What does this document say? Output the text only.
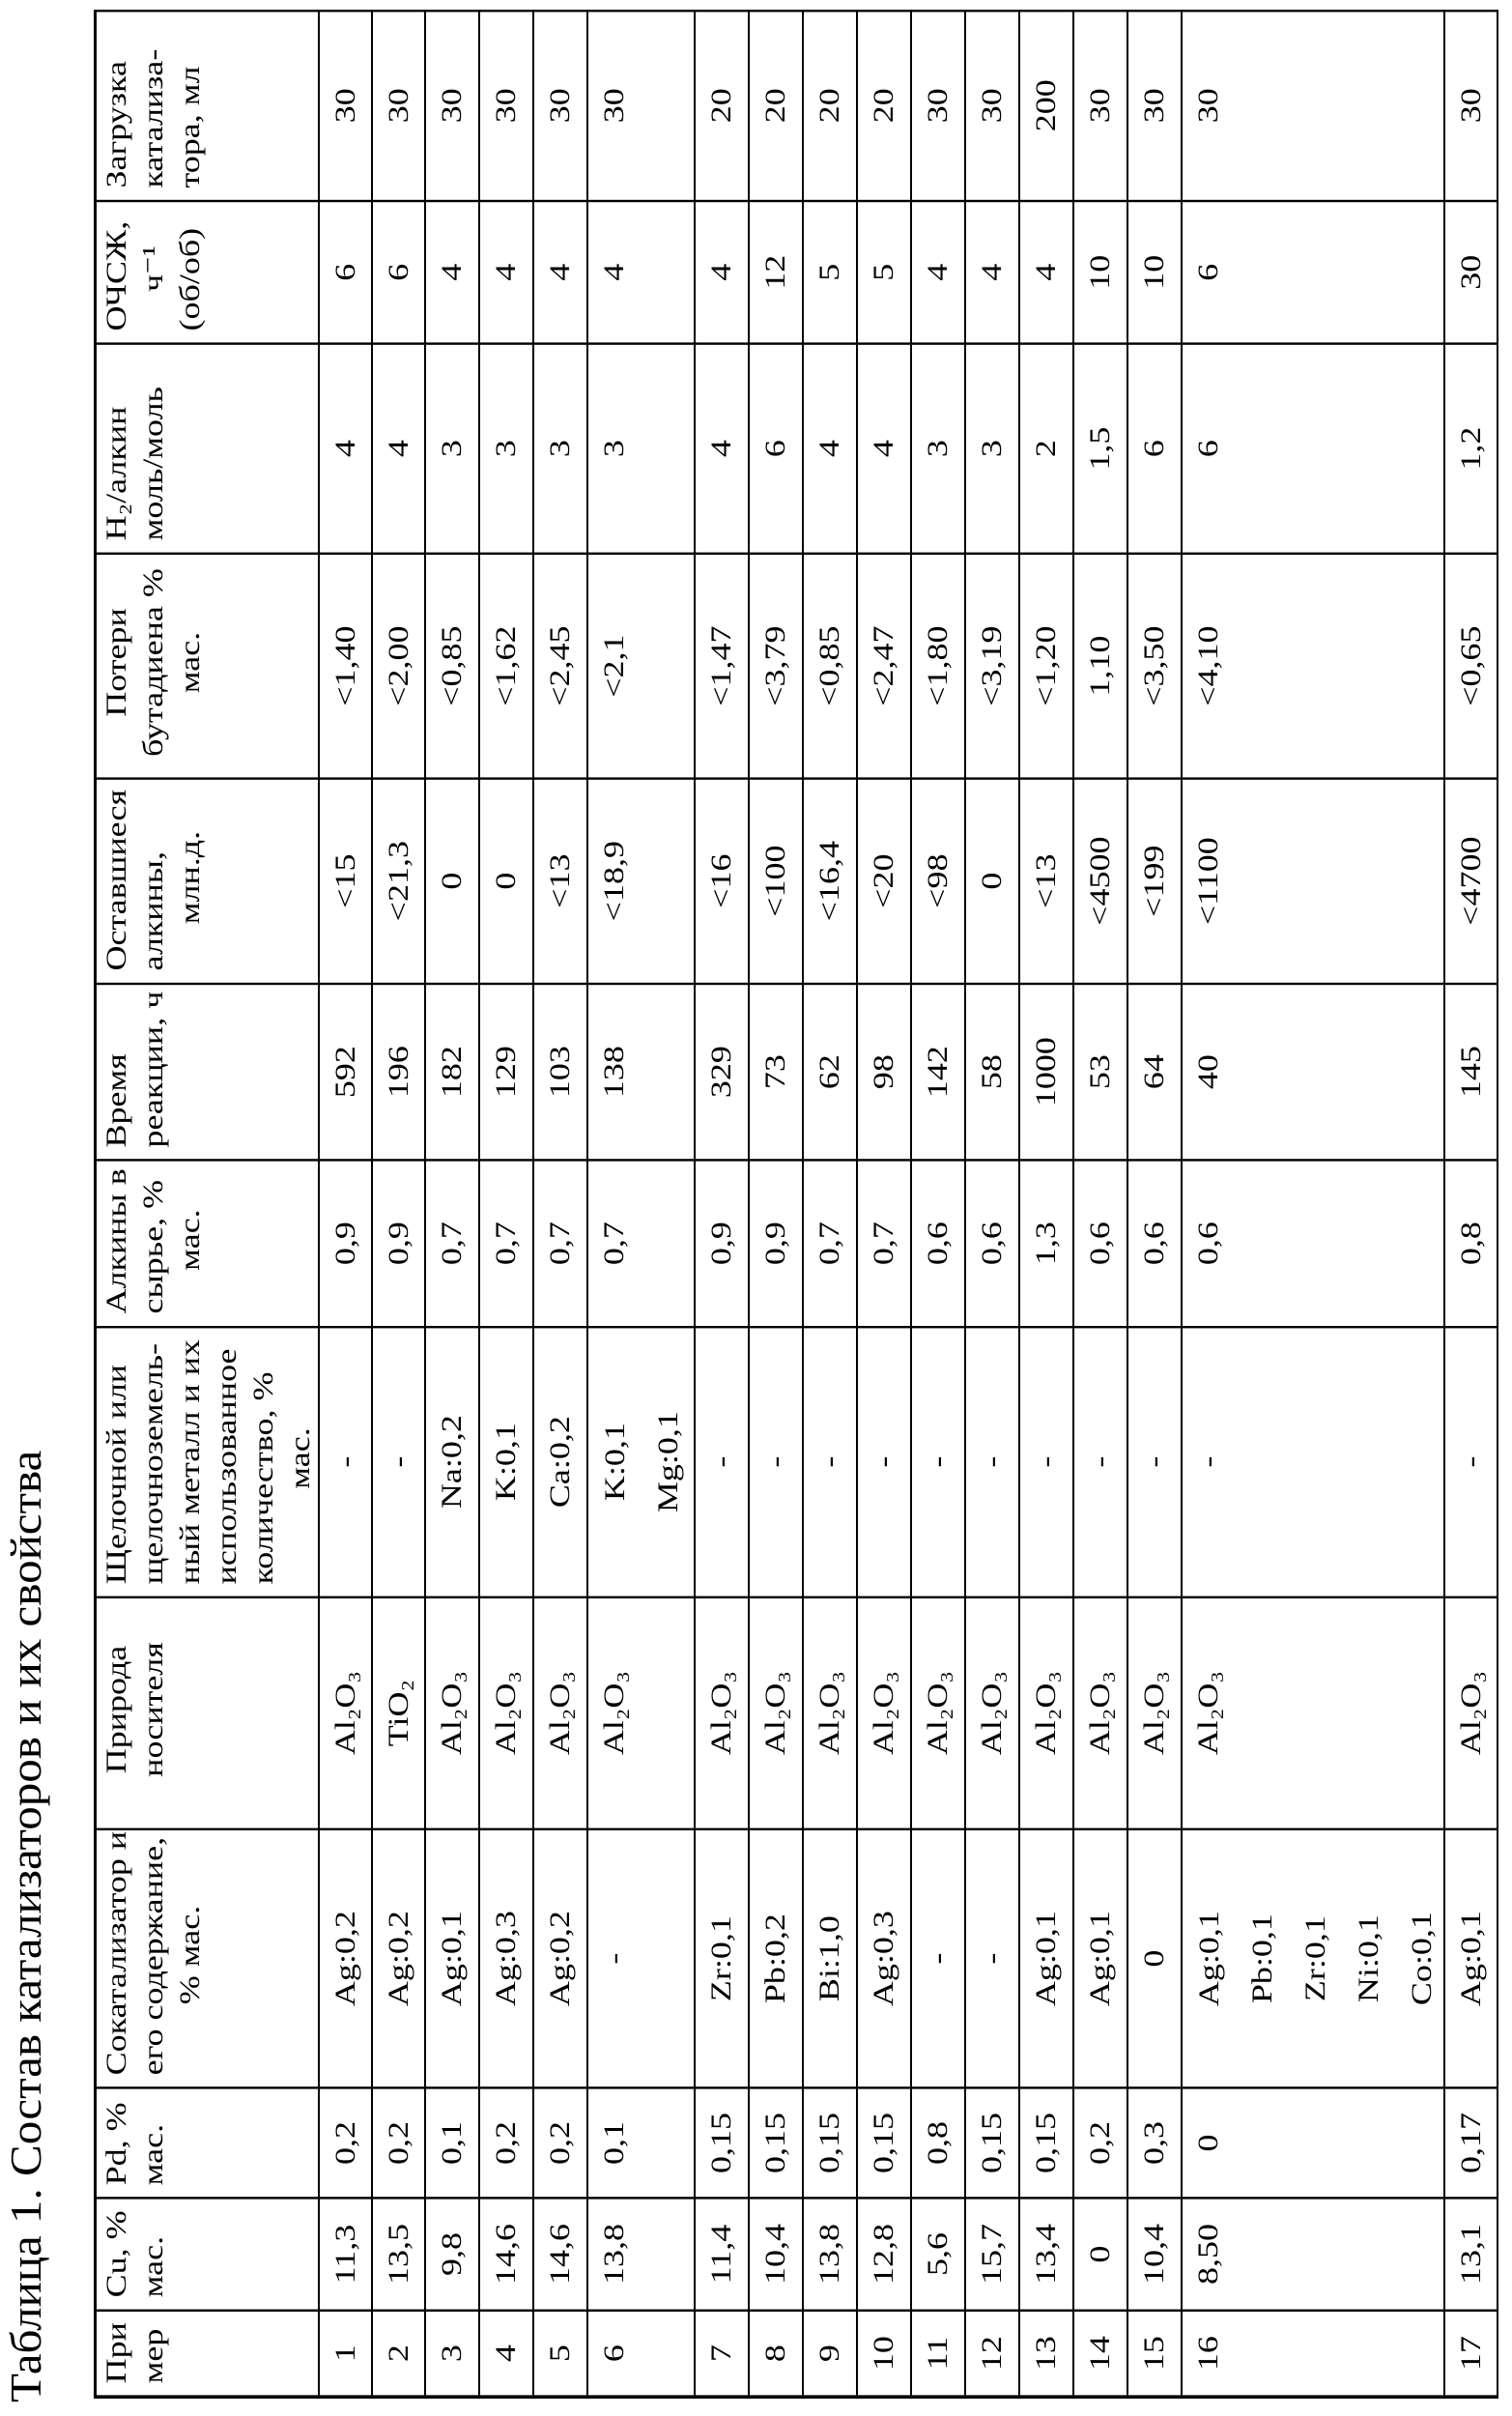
Таблица 1. Состав катализаторов и их свойства При мер
Cu, % мас.
Pd, % мас.
Сокатализатор и его содержание, % мас.
Природа носителя
Щелочной или щелочноземель- ный металл и их использованное количество, % мас.
Алкины в сырье, % мас.
Время реакции, ч
Оставшиеся алкины, млн.д.
Потери бутадиена % мас.
H₂/алкин моль/моль
ОЧСЖ, ч⁻¹ (об/об)
Загрузка катализа- тора, мл
1
11,3
0,2
Ag:0,2
Al₂O₃
-
0,9
592
<15
<1,40
4
6
30
2
13,5
0,2
Ag:0,2
TiO₂
-
0,9
196
<21,3
<2,00
4
6
30
3
9,8
0,1
Ag:0,1
Al₂O₃
Na:0,2
0,7
182
0
<0,85
3
4
30
4
14,6
0,2
Ag:0,3
Al₂O₃
K:0,1
0,7
129
0
<1,62
3
4
30
5
14,6
0,2
Ag:0,2
Al₂O₃
Ca:0,2
0,7
103
<13
<2,45
3
4
30
6
13,8
0,1
-
Al₂O₃
K:0,1 Mg:0,1
0,7
138
<18,9
<2,1
3
4
30
7
11,4
0,15
Zr:0,1
Al₂O₃
-
0,9
329
<16
<1,47
4
4
20
8
10,4
0,15
Pb:0,2
Al₂O₃
-
0,9
73
<100
<3,79
6
12
20
9
13,8
0,15
Bi:1,0
Al₂O₃
-
0,7
62
<16,4
<0,85
4
5
20
10
12,8
0,15
Ag:0,3
Al₂O₃
-
0,7
98
<20
<2,47
4
5
20
11
5,6
0,8
-
Al₂O₃
-
0,6
142
<98
<1,80
3
4
30
12
15,7
0,15
-
Al₂O₃
-
0,6
58
0
<3,19
3
4
30
13
13,4
0,15
Ag:0,1
Al₂O₃
-
1,3
1000
<13
<1,20
2
4
200
14
0
0,2
Ag:0,1
Al₂O₃
-
0,6
53
<4500
1,10
1,5
10
30
15
10,4
0,3
0
Al₂O₃
-
0,6
64
<199
<3,50
6
10
30
16
8,50
0
Ag:0,1 Pb:0,1 Zr:0,1 Ni:0,1 Co:0,1
Al₂O₃
-
0,6
40
<1100
<4,10
6
6
30
17
13,1
0,17
Ag:0,1
Al₂O₃
-
0,8
145
<4700
<0,65
1,2
30
30
